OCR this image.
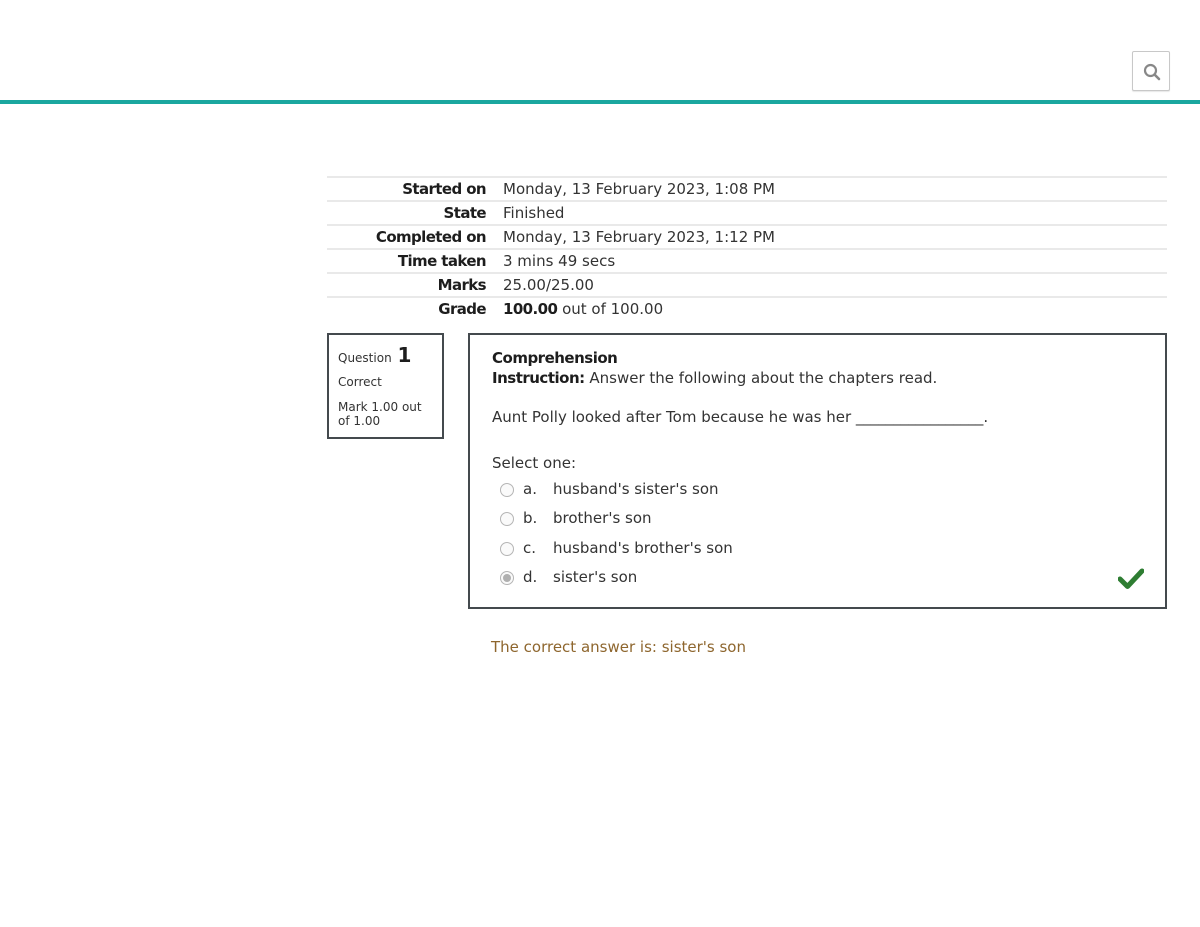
Started on Monday, 13 February 2023, 1:08 PM
State Finished
Completed on Monday, 13 February 2023, 1:12 PM
Time taken 3 mins 49 secs
Marks 25.00/25.00
Grade 100.00 out of 100.00
Question 1
Correct
Mark 1.00 out of 1.00
Comprehension
Instruction: Answer the following about the chapters read.
Aunt Polly looked after Tom because he was her _________________.
Select one:
a. husband's sister's son
b. brother's son
c. husband's brother's son
d. sister's son
The correct answer is: sister's son
